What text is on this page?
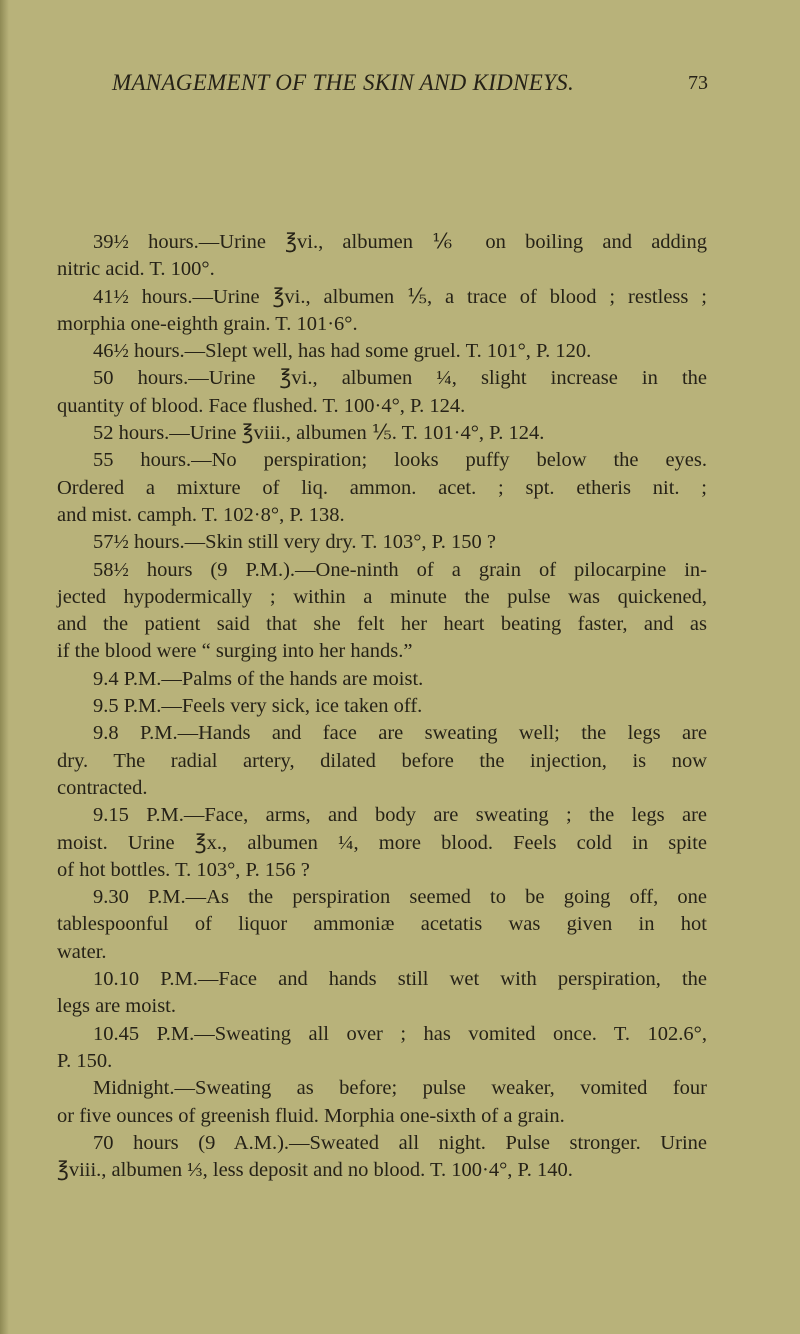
MANAGEMENT OF THE SKIN AND KIDNEYS.	73
39½ hours.—Urine ℥vi., albumen ⅙ on boiling and adding
nitric acid. T. 100°.
41½ hours.—Urine ℥vi., albumen ⅕, a trace of blood ; restless ;
morphia one-eighth grain. T. 101·6°.
46½ hours.—Slept well, has had some gruel. T. 101°, P. 120.
50 hours.—Urine ℥vi., albumen ¼, slight increase in the
quantity of blood. Face flushed. T. 100·4°, P. 124.
52 hours.—Urine ℥viii., albumen ⅕. T. 101·4°, P. 124.
55 hours.—No perspiration; looks puffy below the eyes.
Ordered a mixture of liq. ammon. acet. ; spt. etheris nit. ;
and mist. camph. T. 102·8°, P. 138.
57½ hours.—Skin still very dry. T. 103°, P. 150 ?
58½ hours (9 P.M.).—One-ninth of a grain of pilocarpine in-
jected hypodermically ; within a minute the pulse was quickened,
and the patient said that she felt her heart beating faster, and as
if the blood were “ surging into her hands.”
9.4 P.M.—Palms of the hands are moist.
9.5 P.M.—Feels very sick, ice taken off.
9.8 P.M.—Hands and face are sweating well; the legs are
dry. The radial artery, dilated before the injection, is now
contracted.
9.15 P.M.—Face, arms, and body are sweating ; the legs are
moist. Urine ℥x., albumen ¼, more blood. Feels cold in spite
of hot bottles. T. 103°, P. 156 ?
9.30 P.M.—As the perspiration seemed to be going off, one
tablespoonful of liquor ammoniæ acetatis was given in hot
water.
10.10 P.M.—Face and hands still wet with perspiration, the
legs are moist.
10.45 P.M.—Sweating all over ; has vomited once. T. 102.6°,
P. 150.
Midnight.—Sweating as before; pulse weaker, vomited four
or five ounces of greenish fluid. Morphia one-sixth of a grain.
70 hours (9 A.M.).—Sweated all night. Pulse stronger. Urine
℥viii., albumen ⅓, less deposit and no blood. T. 100·4°, P. 140.
